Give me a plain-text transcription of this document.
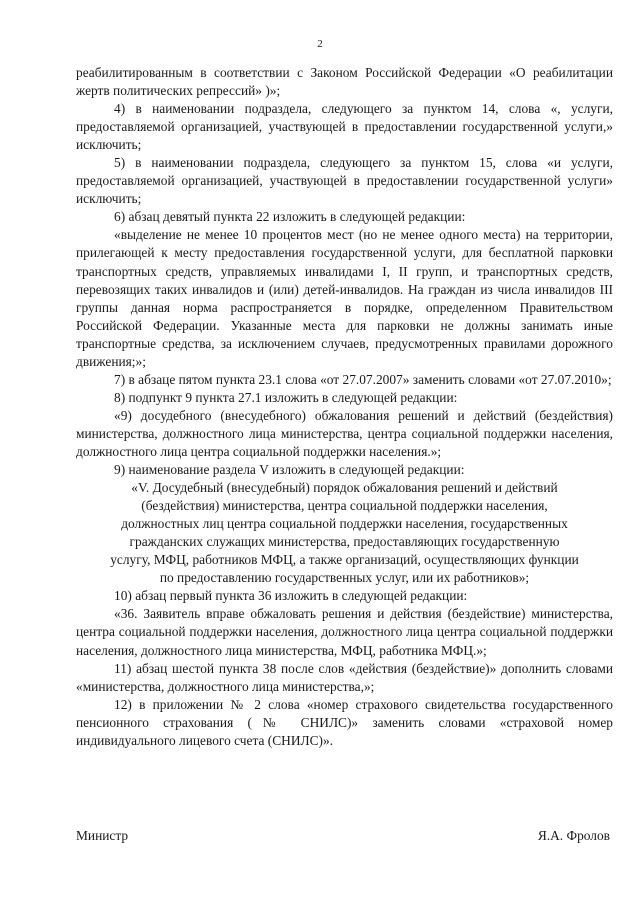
2

реабилитированным в соответствии с Законом Российской Федерации «О реабилитации жертв политических репрессий» )»;

4) в наименовании подраздела, следующего за пунктом 14, слова «, услуги, предоставляемой организацией, участвующей в предоставлении государственной услуги,» исключить;

5) в наименовании подраздела, следующего за пунктом 15, слова «и услуги, предоставляемой организацией, участвующей в предоставлении государственной услуги» исключить;

6) абзац девятый пункта 22 изложить в следующей редакции:

«выделение не менее 10 процентов мест (но не менее одного места) на территории, прилегающей к месту предоставления государственной услуги, для бесплатной парковки транспортных средств, управляемых инвалидами I, II групп, и транспортных средств, перевозящих таких инвалидов и (или) детей-инвалидов. На граждан из числа инвалидов III группы данная норма распространяется в порядке, определенном Правительством Российской Федерации. Указанные места для парковки не должны занимать иные транспортные средства, за исключением случаев, предусмотренных правилами дорожного движения;»;

7) в абзаце пятом пункта 23.1 слова «от 27.07.2007» заменить словами «от 27.07.2010»;

8) подпункт 9 пункта 27.1 изложить в следующей редакции:

«9) досудебного (внесудебного) обжалования решений и действий (бездействия) министерства, должностного лица министерства, центра социальной поддержки населения, должностного лица центра социальной поддержки населения.»;

9) наименование раздела V изложить в следующей редакции:

«V. Досудебный (внесудебный) порядок обжалования решений и действий
(бездействия) министерства, центра социальной поддержки населения,
должностных лиц центра социальной поддержки населения, государственных
гражданских служащих министерства, предоставляющих государственную
услугу, МФЦ, работников МФЦ, а также организаций, осуществляющих функции
по предоставлению государственных услуг, или их работников»;

10) абзац первый пункта 36 изложить в следующей редакции:

«36. Заявитель вправе обжаловать решения и действия (бездействие) министерства, центра социальной поддержки населения, должностного лица центра социальной поддержки населения, должностного лица министерства, МФЦ, работника МФЦ.»;

11) абзац шестой пункта 38 после слов «действия (бездействие)» дополнить словами «министерства, должностного лица министерства,»;

12) в приложении № 2 слова «номер страхового свидетельства государственного пенсионного страхования (№ СНИЛС)» заменить словами «страховой номер индивидуального лицевого счета (СНИЛС)».

Министр	Я.А. Фролов
